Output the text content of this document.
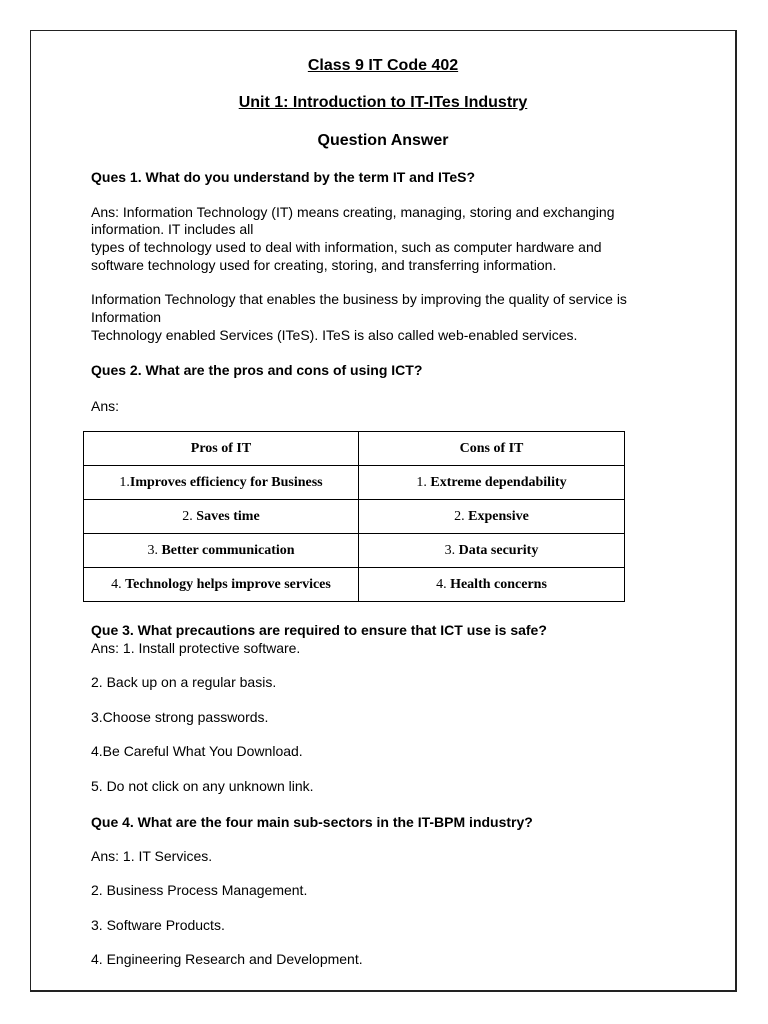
Class 9 IT Code 402
Unit 1: Introduction to IT-ITes Industry
Question Answer
Ques 1. What do you understand by the term IT and ITeS?
Ans: Information Technology (IT) means creating, managing, storing and exchanging
information. IT includes all
types of technology used to deal with information, such as computer hardware and
software technology used for creating, storing, and transferring information.
Information Technology that enables the business by improving the quality of service is
Information
Technology enabled Services (ITeS). ITeS is also called web-enabled services.
Ques 2. What are the pros and cons of using ICT?
Ans:
Pros of IT	Cons of IT
1.Improves efficiency for Business	1. Extreme dependability
2. Saves time	2. Expensive
3. Better communication	3. Data security
4. Technology helps improve services	4. Health concerns
Que 3. What precautions are required to ensure that ICT use is safe?
Ans: 1. Install protective software.
2. Back up on a regular basis.
3.Choose strong passwords.
4.Be Careful What You Download.
5. Do not click on any unknown link.
Que 4. What are the four main sub-sectors in the IT-BPM industry?
Ans: 1. IT Services.
2. Business Process Management.
3. Software Products.
4. Engineering Research and Development.
